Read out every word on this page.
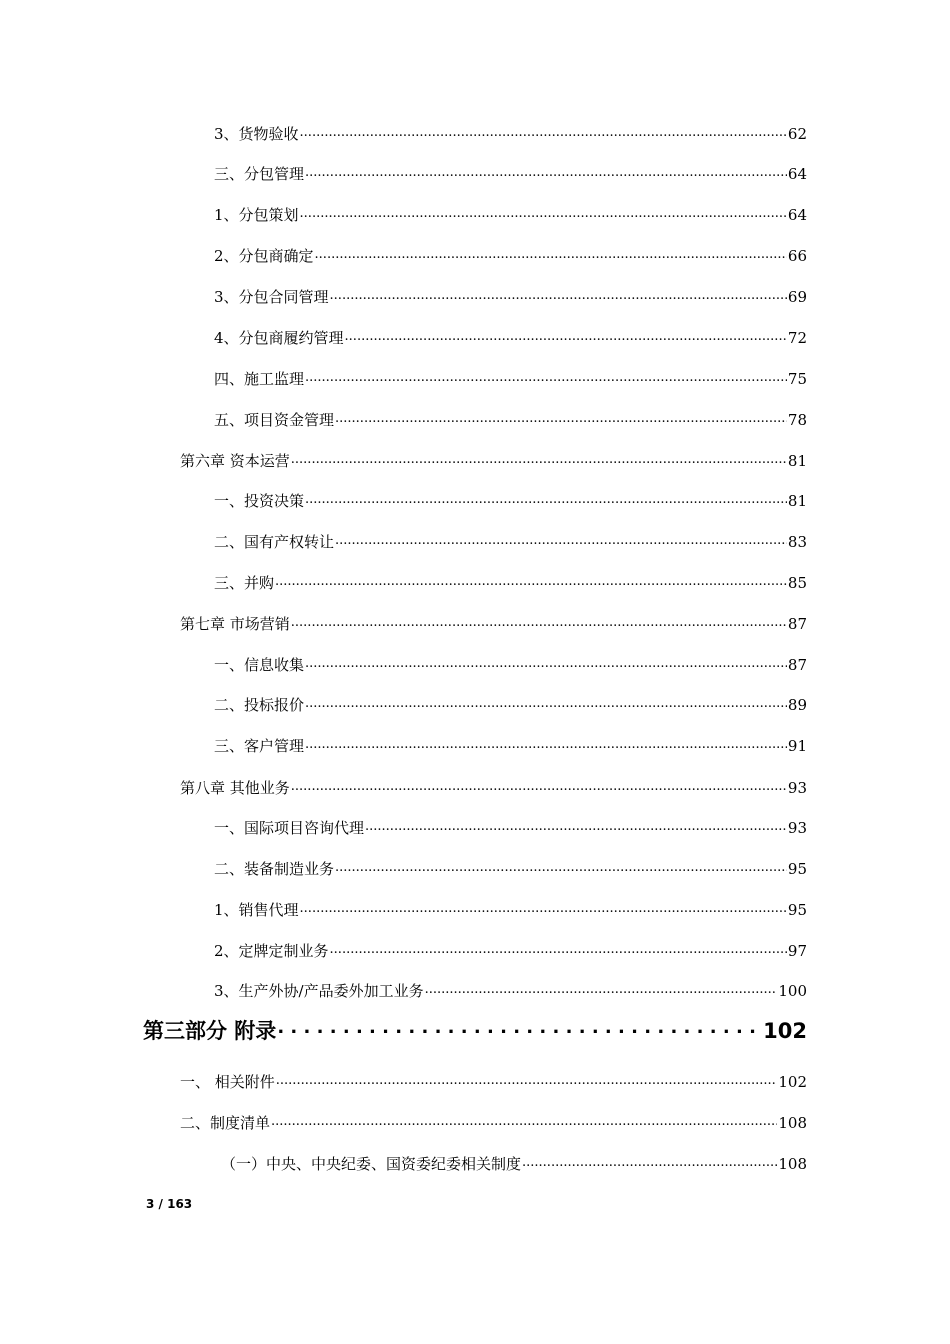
3、货物验收 .....	62
三、分包管理 .....	64
1、分包策划 .....	64
2、分包商确定 .....	66
3、分包合同管理 .....	69
4、分包商履约管理 .....	72
四、施工监理 .....	75
五、项目资金管理 .....	78
第六章 资本运营 .....	81
一、投资决策 .....	81
二、国有产权转让 .....	83
三、并购 .....	85
第七章 市场营销 .....	87
一、信息收集 .....	87
二、投标报价 .....	89
三、客户管理 .....	91
第八章 其他业务 .....	93
一、国际项目咨询代理 .....	93
二、装备制造业务 .....	95
1、销售代理 .....	95
2、定牌定制业务 .....	97
3、生产外协/产品委外加工业务 .....	100
第三部分 附录 . . .	102
一、 相关附件 .....	102
二、制度清单 .....	108
（一）中央、中央纪委、国资委纪委相关制度 .....	108
3 / 163
